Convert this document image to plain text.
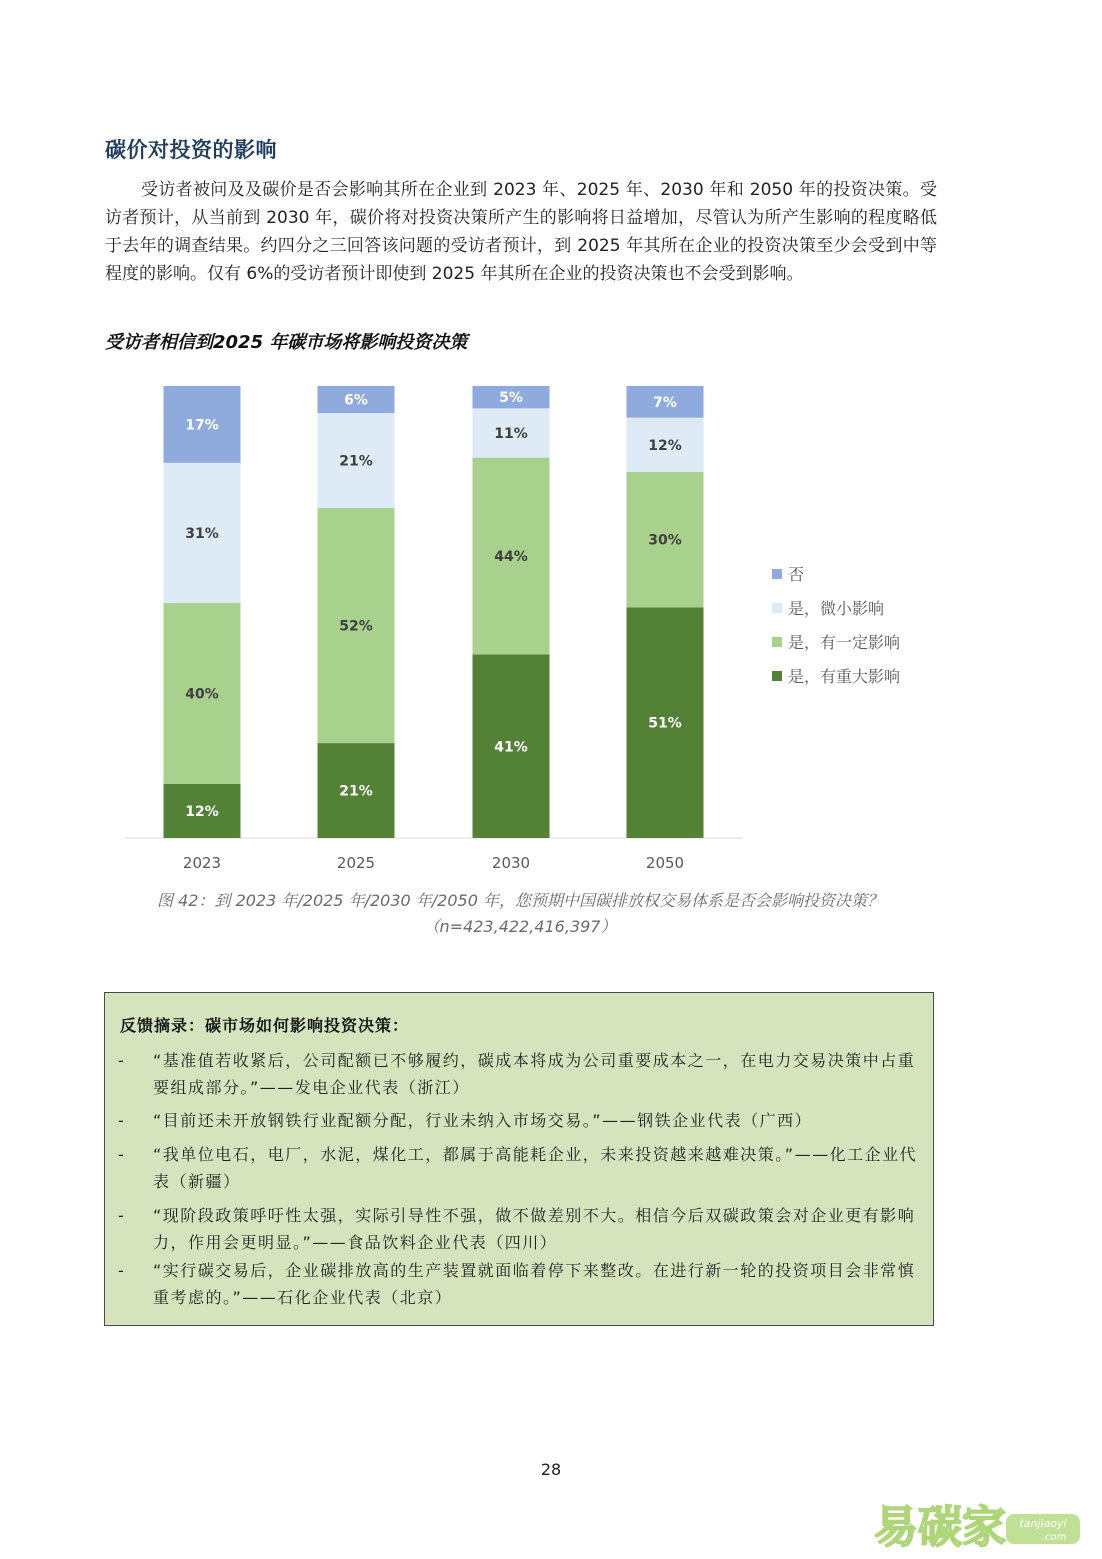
碳价对投资的影响

受访者被问及及碳价是否会影响其所在企业到 2023 年、2025 年、2030 年和 2050 年的投资决策。受访者预计，从当前到 2030 年，碳价将对投资决策所产生的影响将日益增加，尽管认为所产生影响的程度略低于去年的调查结果。约四分之三回答该问题的受访者预计，到 2025 年其所在企业的投资决策至少会受到中等程度的影响。仅有 6%的受访者预计即使到 2025 年其所在企业的投资决策也不会受到影响。

受访者相信到2025 年碳市场将影响投资决策
12%
40%
31%
17%
2023
21%
52%
21%
6%
2025
41%
44%
11%
5%
2030
51%
30%
12%
7%
2050
否
是，微小影响
是，有一定影响
是，有重大影响
图 42：到 2023 年/2025 年/2030 年/2050 年，您预期中国碳排放权交易体系是否会影响投资决策？
（n=423,422,416,397）
反馈摘录：碳市场如何影响投资决策：
- “基准值若收紧后，公司配额已不够履约，碳成本将成为公司重要成本之一，在电力交易决策中占重要组成部分。”——发电企业代表（浙江）
- “目前还未开放钢铁行业配额分配，行业未纳入市场交易。”——钢铁企业代表（广西）
- “我单位电石，电厂，水泥，煤化工，都属于高能耗企业，未来投资越来越难决策。”——化工企业代表（新疆）
- “现阶段政策呼吁性太强，实际引导性不强，做不做差别不大。相信今后双碳政策会对企业更有影响力，作用会更明显。”——食品饮料企业代表（四川）
- “实行碳交易后，企业碳排放高的生产装置就面临着停下来整改。在进行新一轮的投资项目会非常慎重考虑的。”——石化企业代表（北京）
28
易碳家 tanjiaoyi
.com
